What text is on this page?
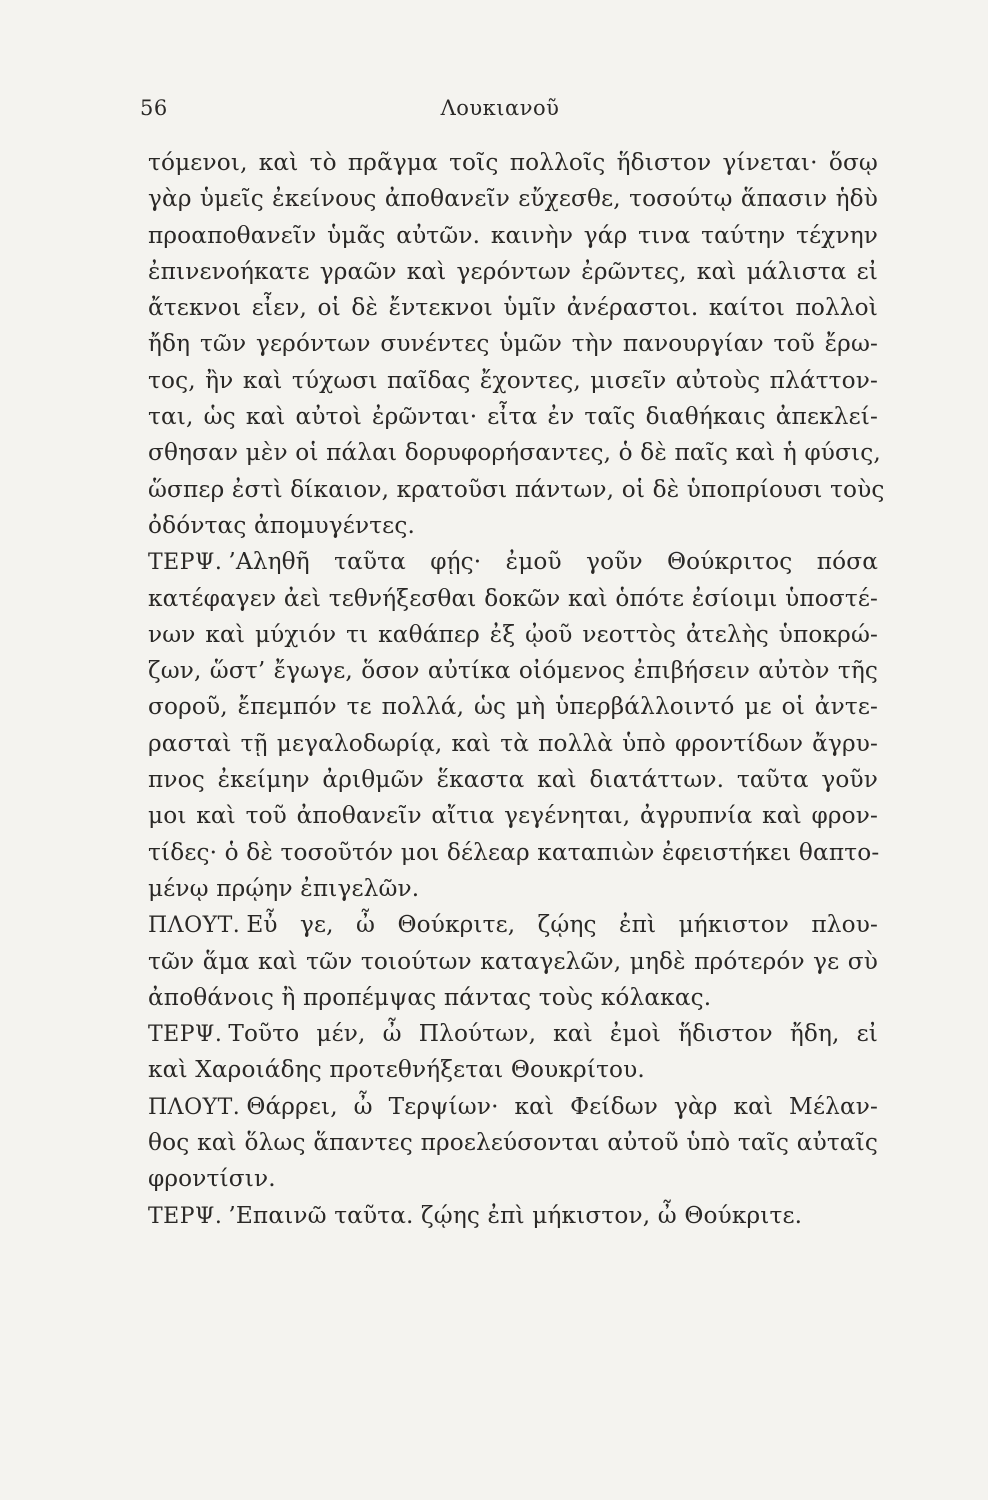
56	Λουκιανοῦ
τόμενοι, καὶ τὸ πρᾶγμα τοῖς πολλοῖς ἥδιστον γίνεται· ὅσῳ
γὰρ ὑμεῖς ἐκείνους ἀποθανεῖν εὔχεσθε, τοσούτῳ ἅπασιν ἡδὺ
προαποθανεῖν ὑμᾶς αὐτῶν. καινὴν γάρ τινα ταύτην τέχνην
ἐπινενοήκατε γραῶν καὶ γερόντων ἐρῶντες, καὶ μάλιστα εἰ
ἄτεκνοι εἶεν, οἱ δὲ ἔντεκνοι ὑμῖν ἀνέραστοι. καίτοι πολλοὶ
ἤδη τῶν γερόντων συνέντες ὑμῶν τὴν πανουργίαν τοῦ ἔρω-
τος, ἢν καὶ τύχωσι παῖδας ἔχοντες, μισεῖν αὐτοὺς πλάττον-
ται, ὡς καὶ αὐτοὶ ἐρῶνται· εἶτα ἐν ταῖς διαθήκαις ἀπεκλεί-
σθησαν μὲν οἱ πάλαι δορυφορήσαντες, ὁ δὲ παῖς καὶ ἡ φύσις,
ὥσπερ ἐστὶ δίκαιον, κρατοῦσι πάντων, οἱ δὲ ὑποπρίουσι τοὺς
ὀδόντας ἀπομυγέντες.
ΤΕΡΨ. ’Αληθῆ ταῦτα φῄς· ἐμοῦ γοῦν Θούκριτος πόσα
κατέφαγεν ἀεὶ τεθνήξεσθαι δοκῶν καὶ ὁπότε ἐσίοιμι ὑποστέ-
νων καὶ μύχιόν τι καθάπερ ἐξ ᾠοῦ νεοττὸς ἀτελὴς ὑποκρώ-
ζων, ὥστ’ ἔγωγε, ὅσον αὐτίκα οἰόμενος ἐπιβήσειν αὐτὸν τῆς
σοροῦ, ἔπεμπόν τε πολλά, ὡς μὴ ὑπερβάλλοιντό με οἱ ἀντε-
ρασταὶ τῇ μεγαλοδωρίᾳ, καὶ τὰ πολλὰ ὑπὸ φροντίδων ἄγρυ-
πνος ἐκείμην ἀριθμῶν ἕκαστα καὶ διατάττων. ταῦτα γοῦν
μοι καὶ τοῦ ἀποθανεῖν αἴτια γεγένηται, ἀγρυπνία καὶ φρον-
τίδες· ὁ δὲ τοσοῦτόν μοι δέλεαρ καταπιὼν ἐφειστήκει θαπτο-
μένῳ πρῴην ἐπιγελῶν.
ΠΛΟΥΤ. Εὖ γε, ὦ Θούκριτε, ζῴης ἐπὶ μήκιστον πλου-
τῶν ἅμα καὶ τῶν τοιούτων καταγελῶν, μηδὲ πρότερόν γε σὺ
ἀποθάνοις ἢ προπέμψας πάντας τοὺς κόλακας.
ΤΕΡΨ. Τοῦτο μέν, ὦ Πλούτων, καὶ ἐμοὶ ἥδιστον ἤδη, εἰ
καὶ Χαροιάδης προτεθνήξεται Θουκρίτου.
ΠΛΟΥΤ. Θάρρει, ὦ Τερψίων· καὶ Φείδων γὰρ καὶ Μέλαν-
θος καὶ ὅλως ἅπαντες προελεύσονται αὐτοῦ ὑπὸ ταῖς αὐταῖς
φροντίσιν.
ΤΕΡΨ. ’Επαινῶ ταῦτα. ζῴης ἐπὶ μήκιστον, ὦ Θούκριτε.
